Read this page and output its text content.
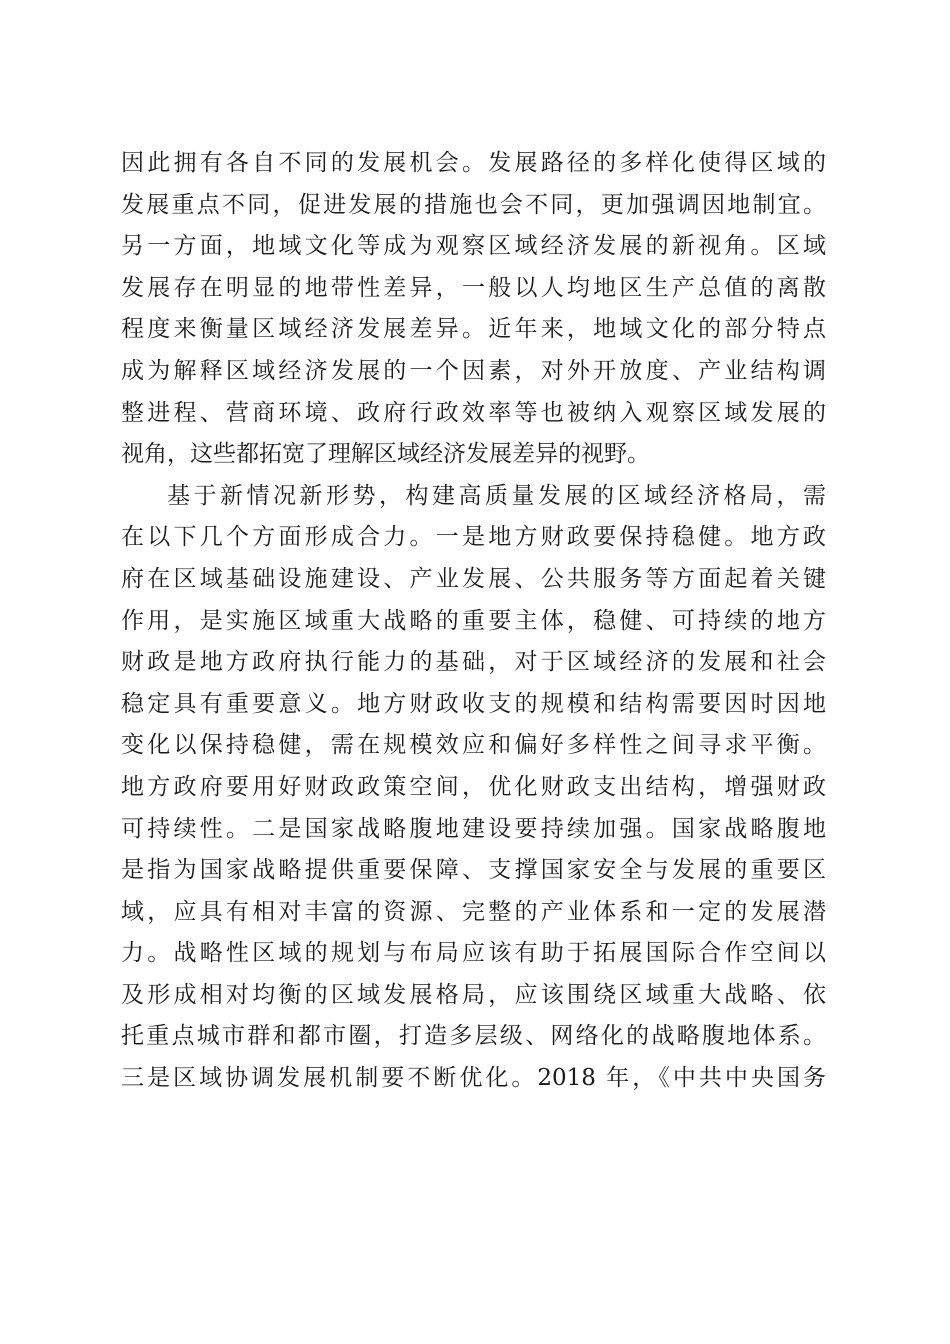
因此拥有各自不同的发展机会。发展路径的多样化使得区域的
发展重点不同，促进发展的措施也会不同，更加强调因地制宜。
另一方面，地域文化等成为观察区域经济发展的新视角。区域
发展存在明显的地带性差异，一般以人均地区生产总值的离散
程度来衡量区域经济发展差异。近年来，地域文化的部分特点
成为解释区域经济发展的一个因素，对外开放度、产业结构调
整进程、营商环境、政府行政效率等也被纳入观察区域发展的
视角，这些都拓宽了理解区域经济发展差异的视野。
基于新情况新形势，构建高质量发展的区域经济格局，需
在以下几个方面形成合力。一是地方财政要保持稳健。地方政
府在区域基础设施建设、产业发展、公共服务等方面起着关键
作用，是实施区域重大战略的重要主体，稳健、可持续的地方
财政是地方政府执行能力的基础，对于区域经济的发展和社会
稳定具有重要意义。地方财政收支的规模和结构需要因时因地
变化以保持稳健，需在规模效应和偏好多样性之间寻求平衡。
地方政府要用好财政政策空间，优化财政支出结构，增强财政
可持续性。二是国家战略腹地建设要持续加强。国家战略腹地
是指为国家战略提供重要保障、支撑国家安全与发展的重要区
域，应具有相对丰富的资源、完整的产业体系和一定的发展潜
力。战略性区域的规划与布局应该有助于拓展国际合作空间以
及形成相对均衡的区域发展格局，应该围绕区域重大战略、依
托重点城市群和都市圈，打造多层级、网络化的战略腹地体系。
三是区域协调发展机制要不断优化。2018 年，《中共中央国务
